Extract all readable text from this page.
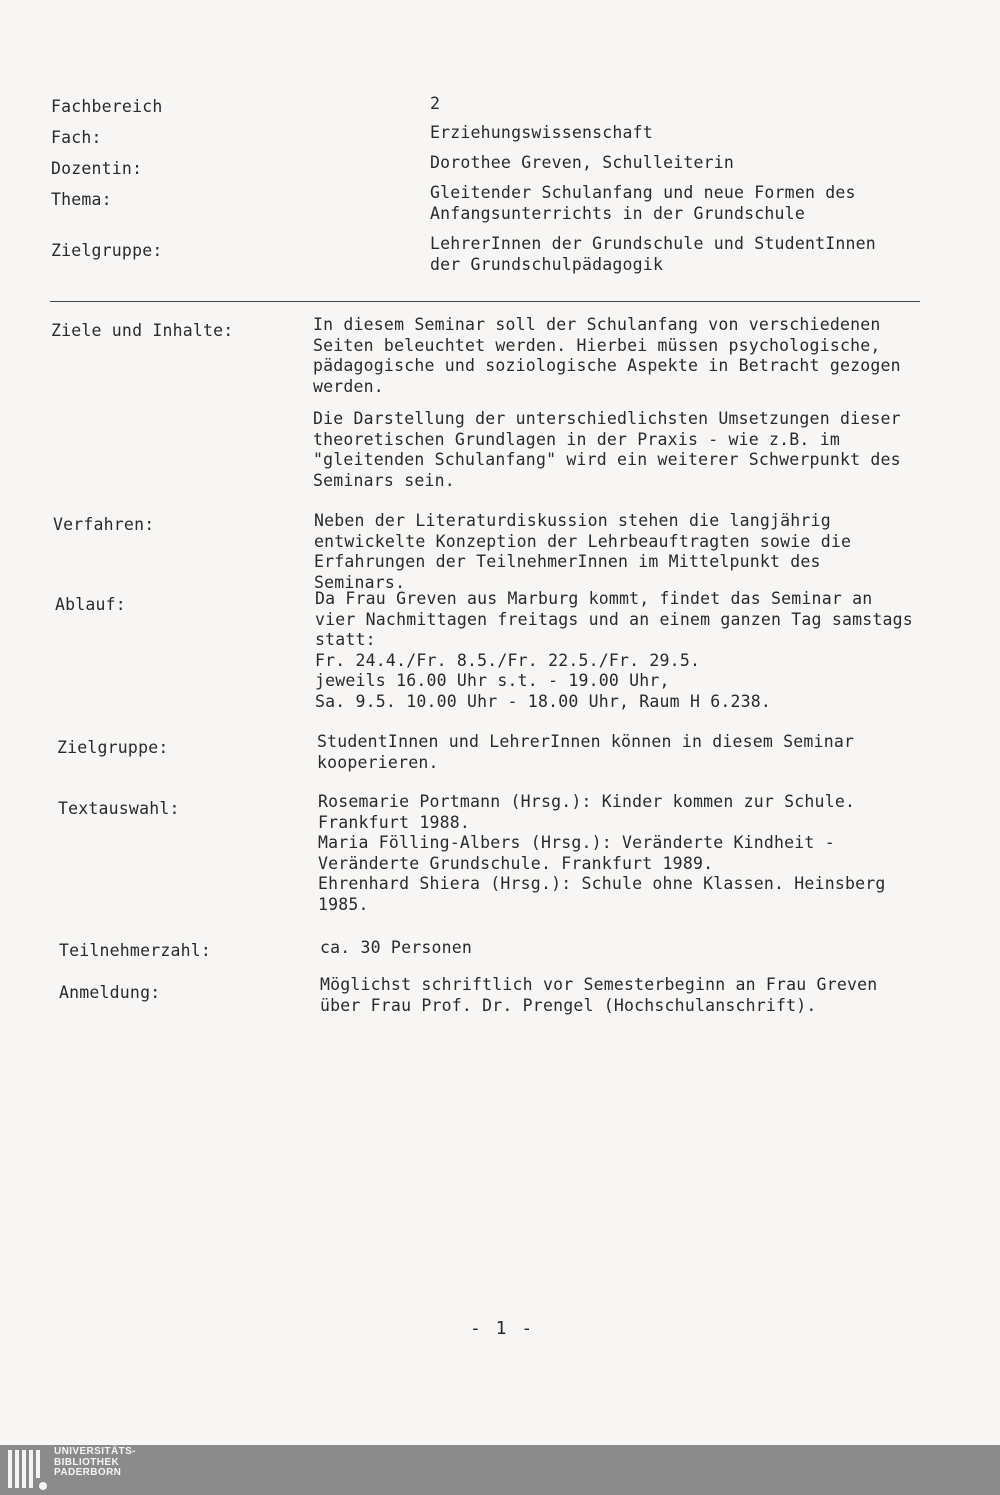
Fachbereich	2
Fach:	Erziehungswissenschaft
Dozentin:	Dorothee Greven, Schulleiterin
Thema:	Gleitender Schulanfang und neue Formen des Anfangsunterrichts in der Grundschule
Zielgruppe:	LehrerInnen der Grundschule und StudentInnen der Grundschulpädagogik
Ziele und Inhalte:	In diesem Seminar soll der Schulanfang von verschiedenen Seiten beleuchtet werden. Hierbei müssen psychologische, pädagogische und soziologische Aspekte in Betracht gezogen werden.

Die Darstellung der unterschiedlichsten Umsetzungen dieser theoretischen Grundlagen in der Praxis - wie z.B. im "gleitenden Schulanfang" wird ein weiterer Schwerpunkt des Seminars sein.

Verfahren:	Neben der Literaturdiskussion stehen die langjährig entwickelte Konzeption der Lehrbeauftragten sowie die Erfahrungen der TeilnehmerInnen im Mittelpunkt des Seminars.
Ablauf:	Da Frau Greven aus Marburg kommt, findet das Seminar an vier Nachmittagen freitags und an einem ganzen Tag samstags statt:
Fr. 24.4./Fr. 8.5./Fr. 22.5./Fr. 29.5.
jeweils 16.00 Uhr s.t. - 19.00 Uhr,
Sa. 9.5. 10.00 Uhr - 18.00 Uhr, Raum H 6.238.
Zielgruppe:	StudentInnen und LehrerInnen können in diesem Seminar kooperieren.
Textauswahl:	Rosemarie Portmann (Hrsg.): Kinder kommen zur Schule. Frankfurt 1988.
Maria Fölling-Albers (Hrsg.): Veränderte Kindheit - Veränderte Grundschule. Frankfurt 1989.
Ehrenhard Shiera (Hrsg.): Schule ohne Klassen. Heinsberg 1985.
Teilnehmerzahl:	ca. 30 Personen
Anmeldung:	Möglichst schriftlich vor Semesterbeginn an Frau Greven über Frau Prof. Dr. Prengel (Hochschulanschrift).
- 1 -
UNIVERSITÄTS-
BIBLIOTHEK
PADERBORN
